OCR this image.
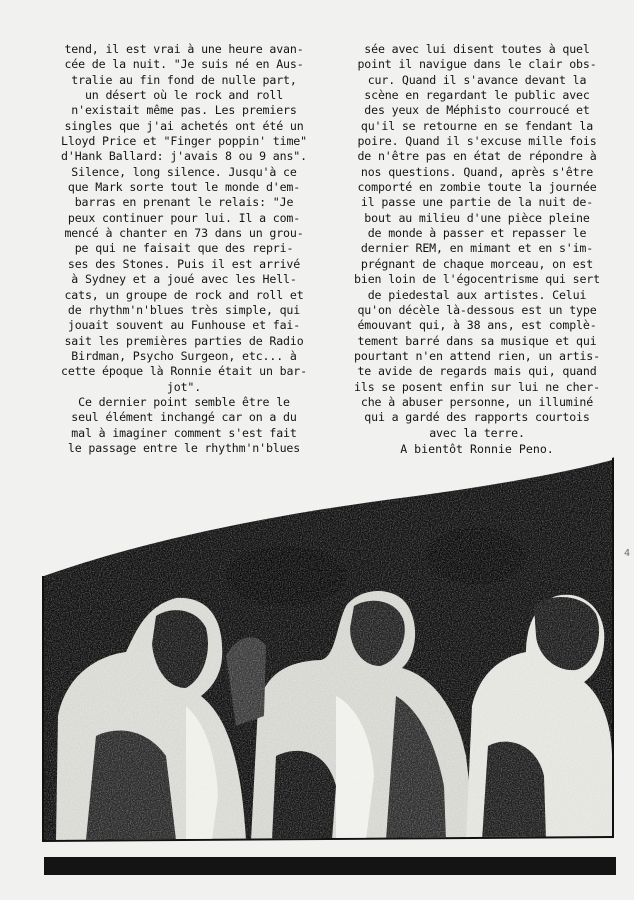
tend, il est vrai à une heure avan-
cée de la nuit. "Je suis né en Aus-
tralie au fin fond de nulle part,
un désert où le rock and roll
n'existait même pas. Les premiers
singles que j'ai achetés ont été un
Lloyd Price et "Finger poppin' time"
d'Hank Ballard: j'avais 8 ou 9 ans".
Silence, long silence. Jusqu'à ce
que Mark sorte tout le monde d'em-
barras en prenant le relais: "Je
peux continuer pour lui. Il a com-
mencé à chanter en 73 dans un grou-
pe qui ne faisait que des repri-
ses des Stones. Puis il est arrivé
à Sydney et a joué avec les Hell-
cats, un groupe de rock and roll et
de rhythm'n'blues très simple, qui
jouait souvent au Funhouse et fai-
sait les premières parties de Radio
Birdman, Psycho Surgeon, etc... à
cette époque là Ronnie était un bar-
jot".
Ce dernier point semble être le
seul élément inchangé car on a du
mal à imaginer comment s'est fait
le passage entre le rhythm'n'blues
sée avec lui disent toutes à quel
point il navigue dans le clair obs-
cur. Quand il s'avance devant la
scène en regardant le public avec
des yeux de Méphisto courroucé et
qu'il se retourne en se fendant la
poire. Quand il s'excuse mille fois
de n'être pas en état de répondre à
nos questions. Quand, après s'être
comporté en zombie toute la journée
il passe une partie de la nuit de-
bout au milieu d'une pièce pleine
de monde à passer et repasser le
dernier REM, en mimant et en s'im-
prégnant de chaque morceau, on est
bien loin de l'égocentrisme qui sert
de piedestal aux artistes. Celui
qu'on décèle là-dessous est un type
émouvant qui, à 38 ans, est complè-
tement barré dans sa musique et qui
pourtant n'en attend rien, un artis-
te avide de regards mais qui, quand
ils se posent enfin sur lui ne cher-
che à abuser personne, un illuminé
qui a gardé des rapports courtois
avec la terre.
A bientôt Ronnie Peno.
4
